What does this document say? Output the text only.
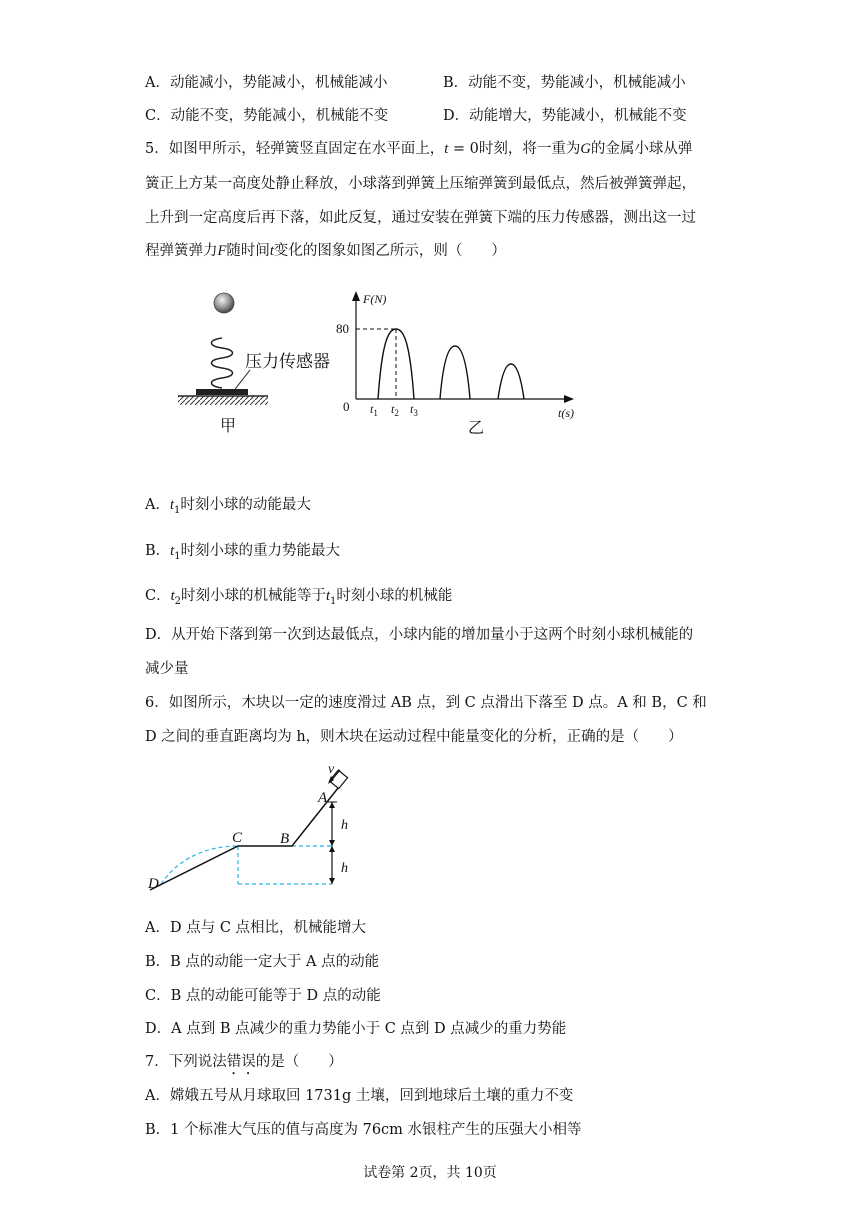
A．动能减小，势能减小，机械能减小	B．动能不变，势能减小，机械能减小
C．动能不变，势能减小，机械能不变	D．动能增大，势能减小，机械能不变
5．如图甲所示，轻弹簧竖直固定在水平面上，t = 0时刻，将一重为G的金属小球从弹
簧正上方某一高度处静止释放，小球落到弹簧上压缩弹簧到最低点，然后被弹簧弹起，
上升到一定高度后再下落，如此反复，通过安装在弹簧下端的压力传感器，测出这一过
程弹簧弹力F随时间t变化的图象如图乙所示，则（　　）
压力传感器
甲
F(N)
80
0 $t_1$ $t_2$ $t_3$	t(s)
乙
A．$t_1$时刻小球的动能最大
B．$t_1$时刻小球的重力势能最大
C．$t_2$时刻小球的机械能等于$t_1$时刻小球的机械能
D．从开始下落到第一次到达最低点，小球内能的增加量小于这两个时刻小球机械能的
减少量
6．如图所示，木块以一定的速度滑过 AB 点，到 C 点滑出下落至 D 点。A 和 B，C 和
D 之间的垂直距离均为 h，则木块在运动过程中能量变化的分析，正确的是（　　）
v
h
h
A
B
C
D
A．D 点与 C 点相比，机械能增大
B．B 点的动能一定大于 A 点的动能
C．B 点的动能可能等于 D 点的动能
D．A 点到 B 点减少的重力势能小于 C 点到 D 点减少的重力势能
7．下列说法错误的是（　　）
A．嫦娥五号从月球取回 1731g 土壤，回到地球后土壤的重力不变
B．1 个标准大气压的值与高度为 76cm 水银柱产生的压强大小相等
试卷第 2页，共 10页
